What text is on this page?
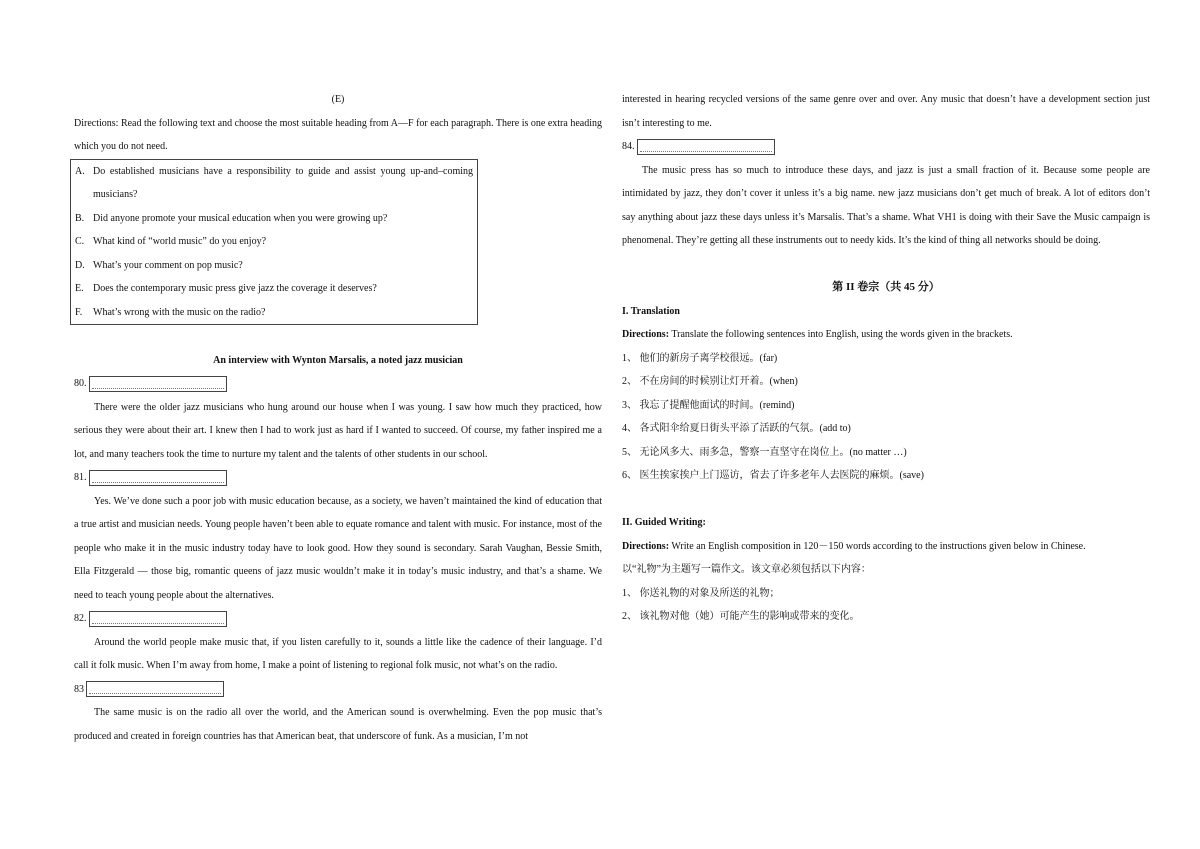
(E)

Directions: Read the following text and choose the most suitable heading from A—F for each paragraph. There is one extra heading which you do not need.

A. Do established musicians have a responsibility to guide and assist young up-and–coming musicians?
B. Did anyone promote your musical education when you were growing up?
C. What kind of “world music” do you enjoy?
D. What’s your comment on pop music?
E. Does the contemporary music press give jazz the coverage it deserves?
F.	What’s wrong with the music on the radio?

An interview with Wynton Marsalis, a noted jazz musician

80.

There were the older jazz musicians who hung around our house when I was young. I saw how much they practiced, how serious they were about their art. I knew then I had to work just as hard if I wanted to succeed. Of course, my father inspired me a lot, and many teachers took the time to nurture my talent and the talents of other students in our school.

81.

Yes. We’ve done such a poor job with music education because, as a society, we haven’t maintained the kind of education that a true artist and musician needs. Young people haven’t been able to equate romance and talent with music. For instance, most of the people who make it in the music industry today have to look good. How they sound is secondary. Sarah Vaughan, Bessie Smith, Ella Fitzgerald — those big, romantic queens of jazz music wouldn’t make it in today’s music industry, and that’s a shame. We need to teach young people about the alternatives.

82.

Around the world people make music that, if you listen carefully to it, sounds a little like the cadence of their language. I’d call it folk music. When I’m away from home, I make a point of listening to regional folk music, not what’s on the radio.

83

The same music is on the radio all over the world, and the American sound is overwhelming. Even the pop music that’s produced and created in foreign countries has that American beat, that underscore of funk. As a musician, I’m not

interested in hearing recycled versions of the same genre over and over. Any music that doesn’t have a development section just isn’t interesting to me.

84.

The music press has so much to introduce these days, and jazz is just a small fraction of it. Because some people are intimidated by jazz, they don’t cover it unless it’s a big name. new jazz musicians don’t get much of break. A lot of editors don’t say anything about jazz these days unless it’s Marsalis. That’s a shame. What VH1 is doing with their Save the Music campaign is phenomenal. They’re getting all these instruments out to needy kids. It’s the kind of thing all networks should be doing.

第 II 卷宗（共 45 分）

I. Translation

Directions: Translate the following sentences into English, using the words given in the brackets.

1、 他们的新房子离学校很远。(far)

2、 不在房间的时候别让灯开着。(when)

3、 我忘了提醒他面试的时间。(remind)

4、 各式阳伞给夏日街头平添了活跃的气氛。(add to)

5、 无论风多大、雨多急，警察一直坚守在岗位上。(no matter …)

6、 医生挨家挨户上门巡访，省去了许多老年人去医院的麻烦。(save)

II. Guided Writing:

Directions: Write an English composition in 120－150 words according to the instructions given below in Chinese.

以“礼物”为主题写一篇作文。该文章必须包括以下内容：

1、 你送礼物的对象及所送的礼物；

2、 该礼物对他（她）可能产生的影响或带来的变化。
